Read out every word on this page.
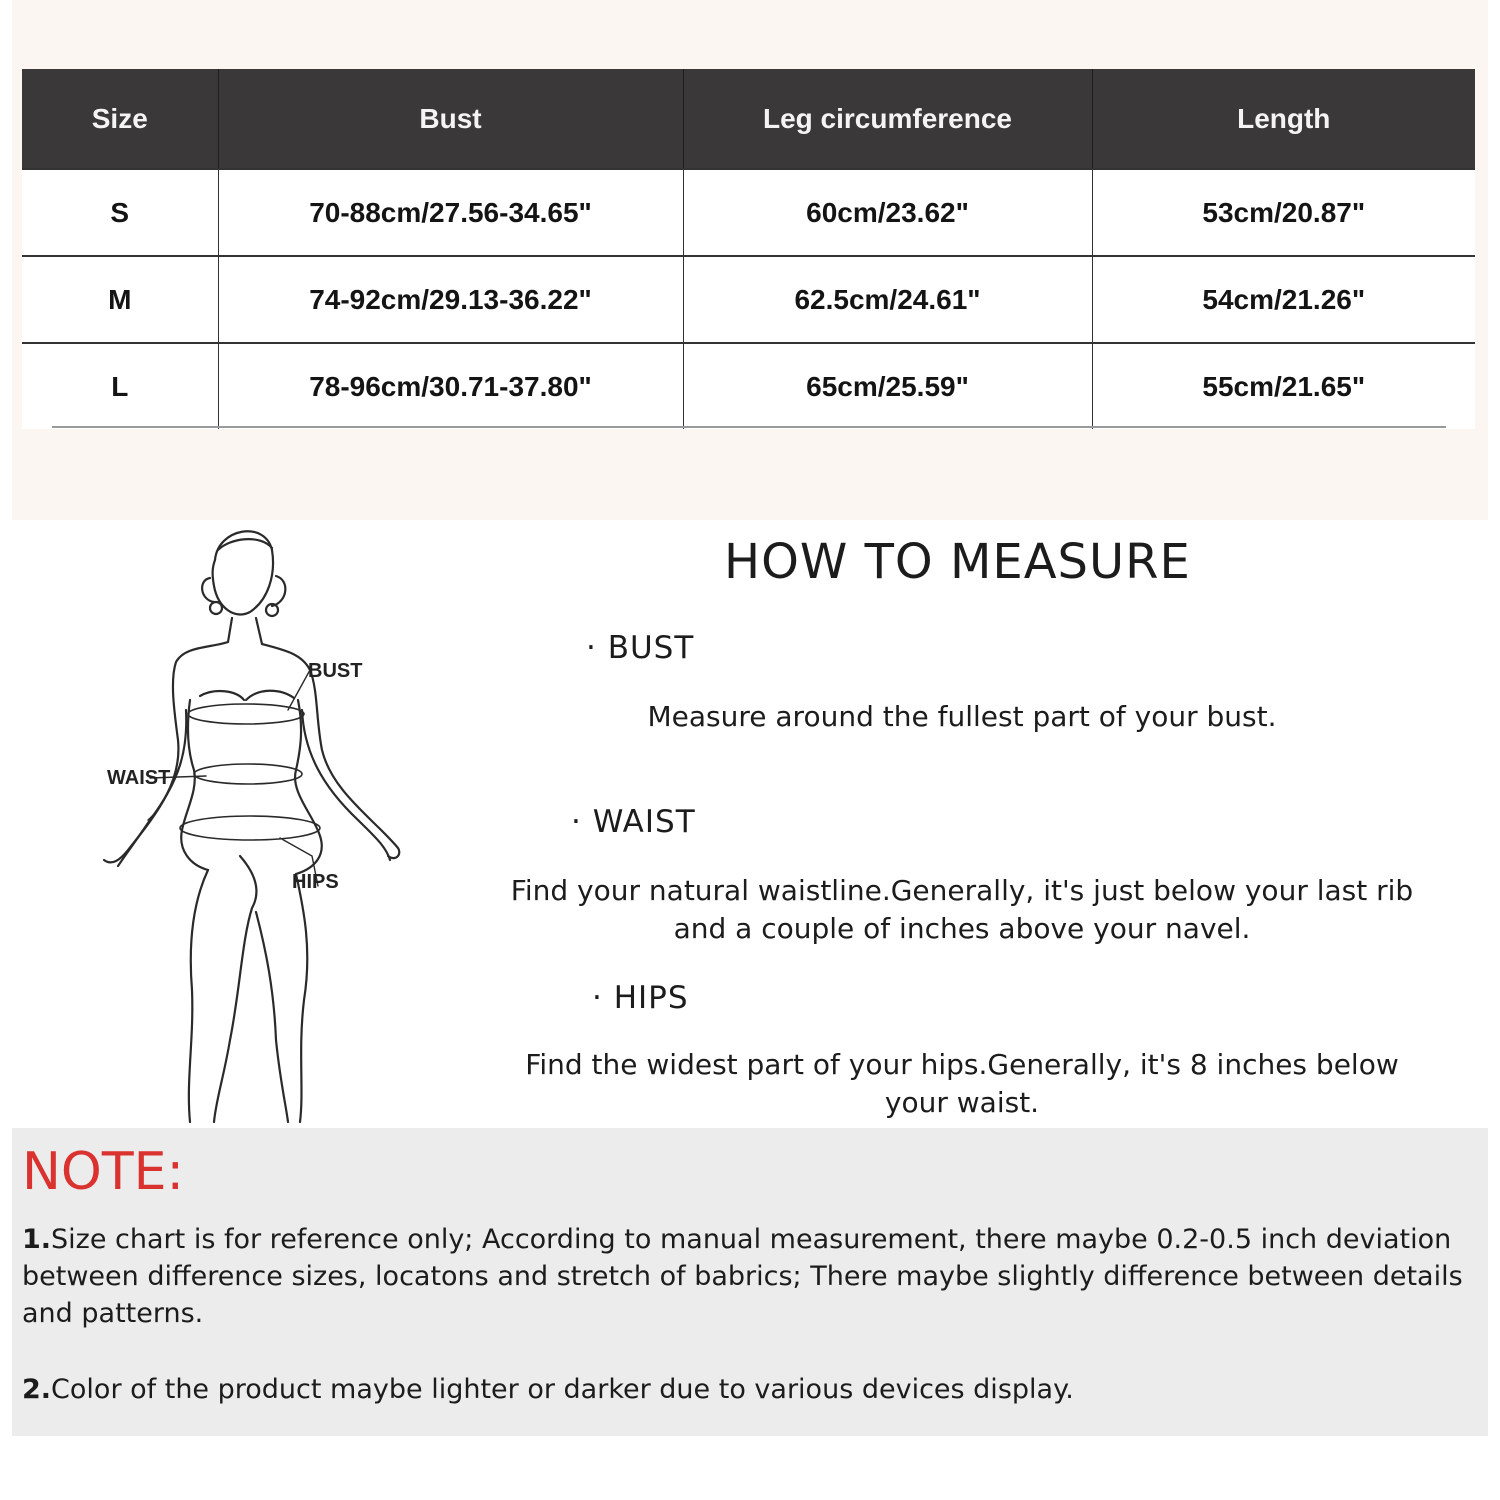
Size	Bust	Leg circumference	Length
S	70-88cm/27.56-34.65"	60cm/23.62"	53cm/20.87"
M	74-92cm/29.13-36.22"	62.5cm/24.61"	54cm/21.26"
L	78-96cm/30.71-37.80"	65cm/25.59"	55cm/21.65"
BUST
WAIST
HIPS
HOW TO MEASURE
· BUST
Measure around the fullest part of your bust.
· WAIST
Find your natural waistline.Generally, it's just below your last rib and a couple of inches above your navel.
· HIPS
Find the widest part of your hips.Generally, it's 8 inches below your waist.
NOTE:
1.Size chart is for reference only; According to manual measurement, there maybe 0.2-0.5 inch deviation between difference sizes, locatons and stretch of babrics; There maybe slightly difference between details and patterns.
2.Color of the product maybe lighter or darker due to various devices display.
